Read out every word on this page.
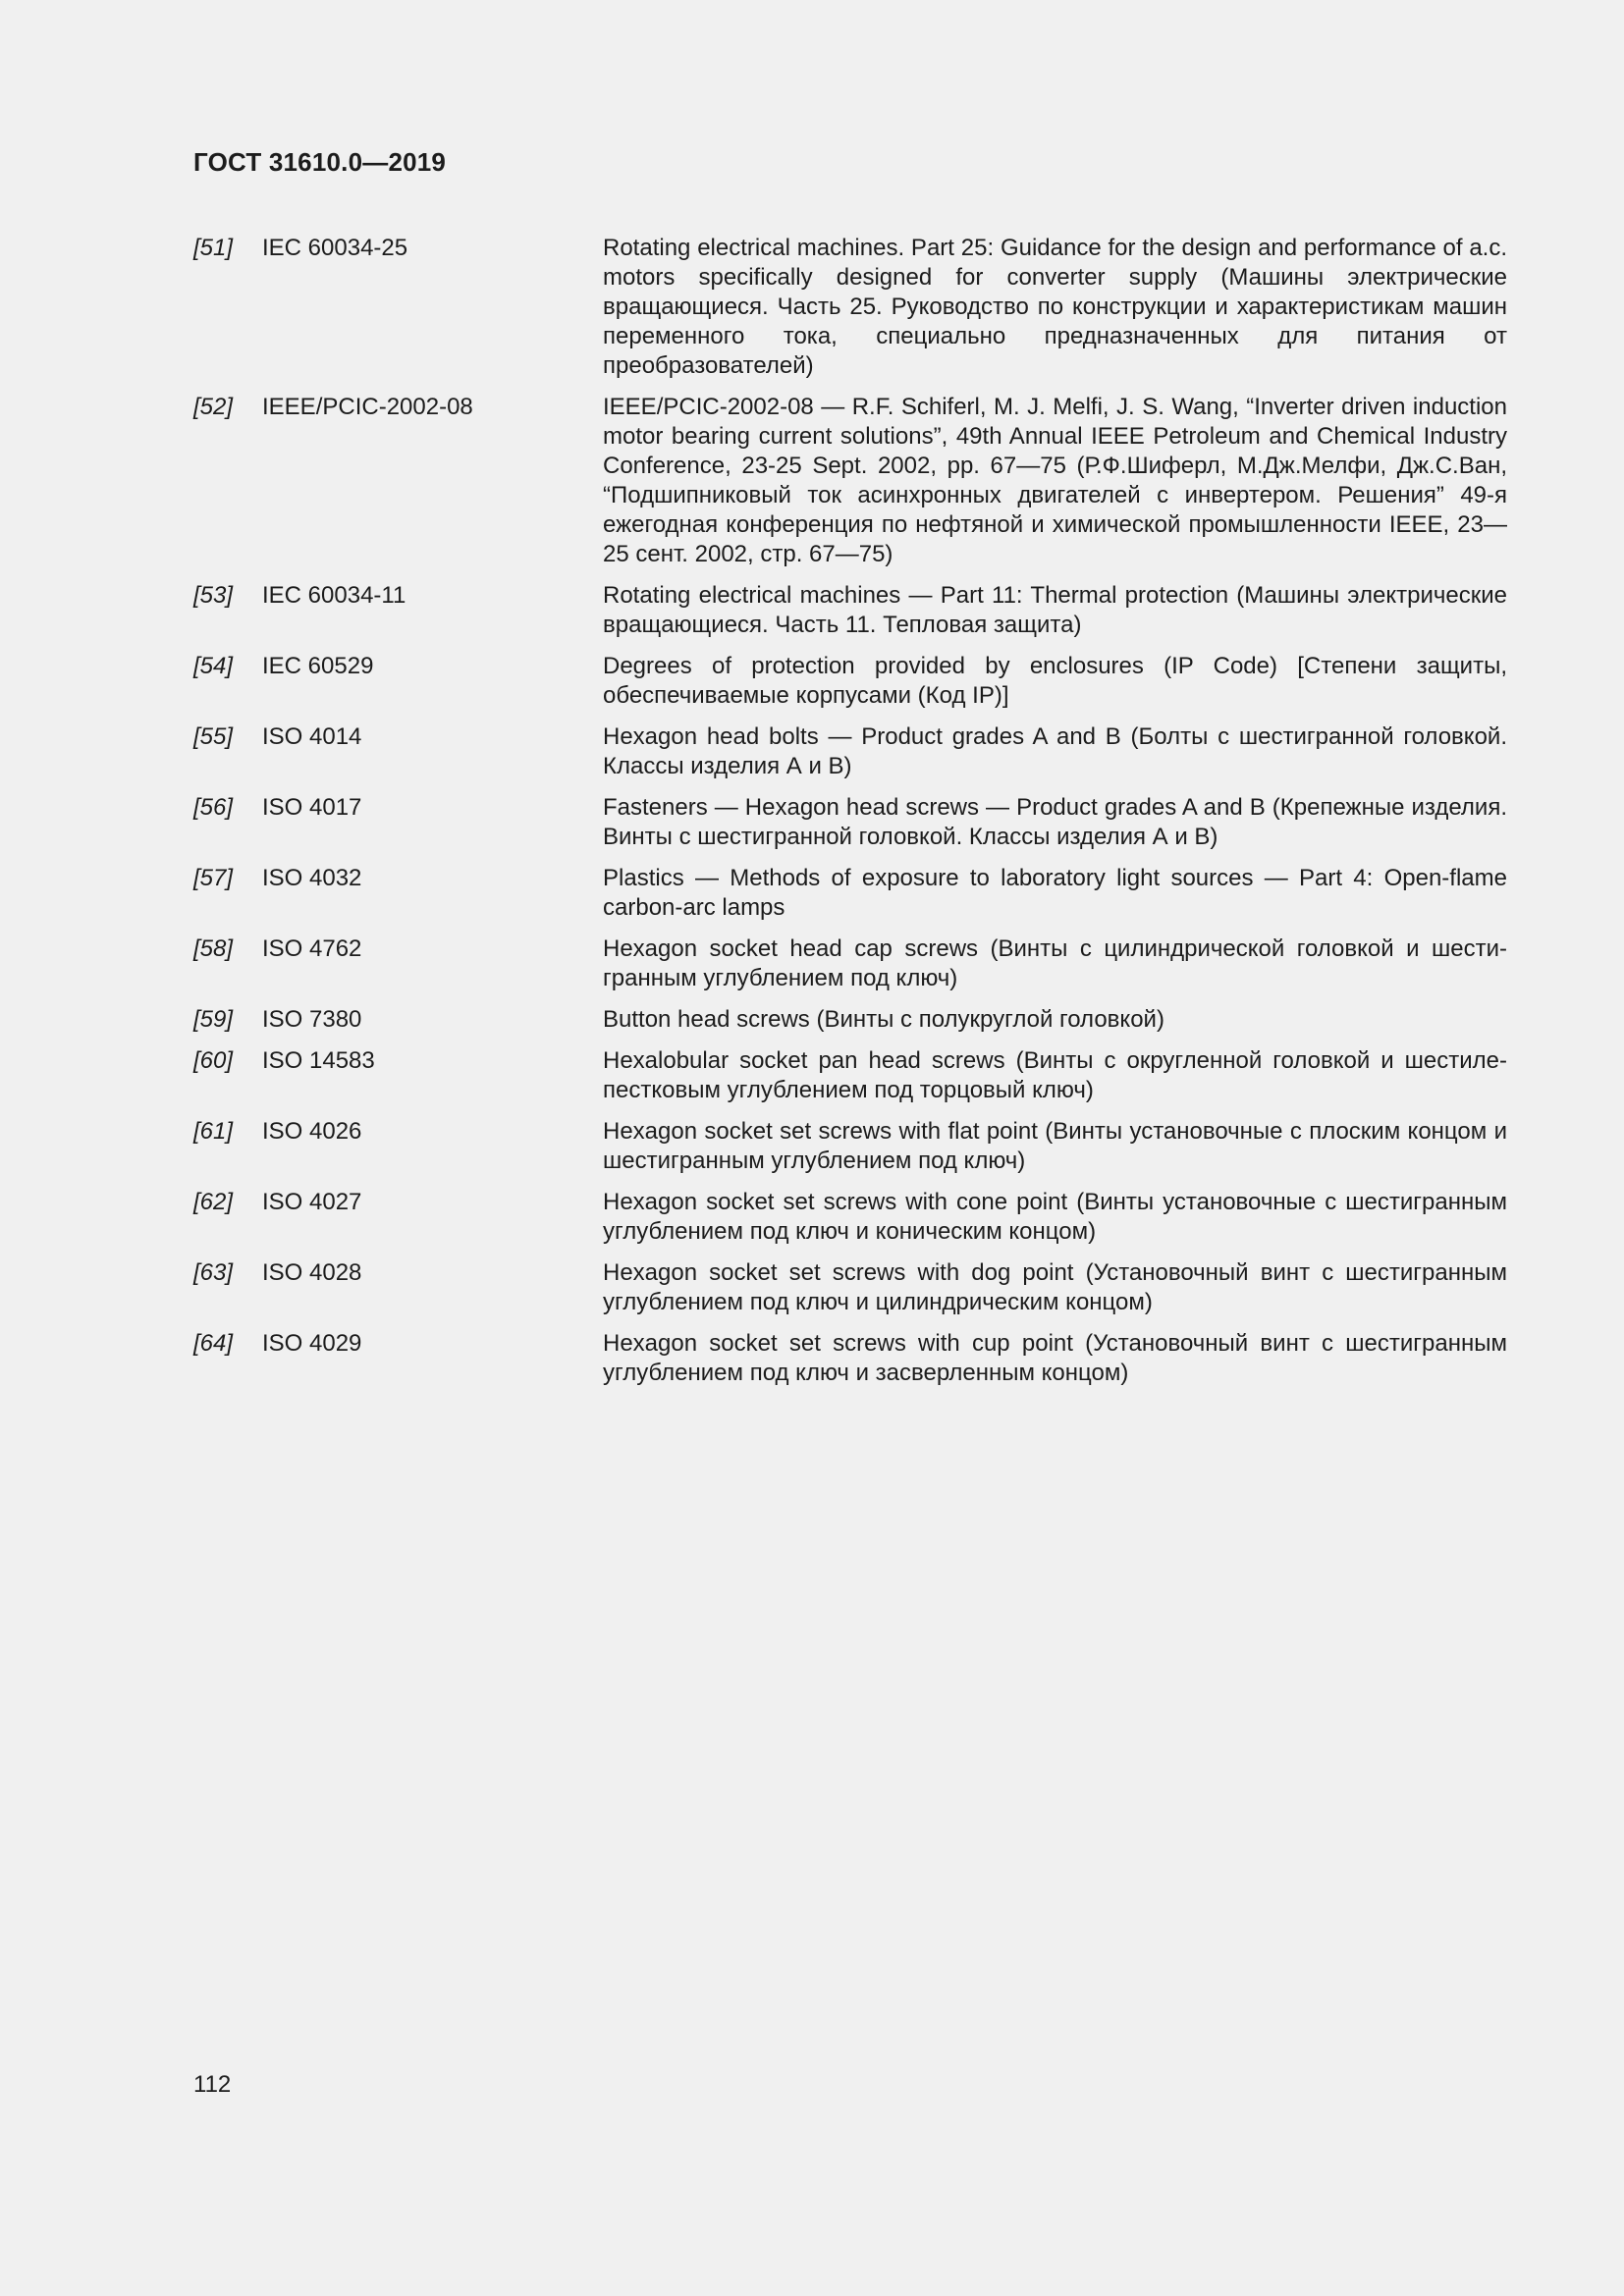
ГОСТ 31610.0—2019
[51]	IEC 60034-25	Rotating electrical machines. Part 25: Guidance for the design and performance of a.c. motors specifically designed for converter supply (Машины электрические вращающиеся. Часть 25. Руководство по конструкции и характеристикам машин переменного тока, специально предназначенных для питания от преобразователей)
[52]	IEEE/PCIC-2002-08	IEEE/PCIC-2002-08 — R.F. Schiferl, M. J. Melfi, J. S. Wang, “Inverter driven induction motor bearing current solutions”, 49th Annual IEEE Petroleum and Chemical Industry Conference, 23-25 Sept. 2002, pp. 67—75 (Р.Ф.Шиферл, М.Дж.Мелфи, Дж.С.Ван, “Подшипниковый ток асинхронных двигателей с инвертером. Решения” 49-я ежегодная конференция по нефтяной и химической промышленности IEEE, 23—25 сент. 2002, стр. 67—75)
[53]	IEC 60034-11	Rotating electrical machines — Part 11: Thermal protection (Машины электрические вращающиеся. Часть 11. Тепловая защита)
[54]	IEC 60529	Degrees of protection provided by enclosures (IP Code) [Степени защиты, обеспечиваемые корпусами (Код IP)]
[55]	ISO 4014	Hexagon head bolts — Product grades A and B (Болты с шестигранной головкой. Классы изделия А и В)
[56]	ISO 4017	Fasteners — Hexagon head screws — Product grades A and B (Крепежные изделия. Винты с шестигранной головкой. Классы изделия А и В)
[57]	ISO 4032	Plastics — Methods of exposure to laboratory light sources — Part 4: Open-flame carbon-arc lamps
[58]	ISO 4762	Hexagon socket head cap screws (Винты с цилиндрической головкой и шестигранным углублением под ключ)
[59]	ISO 7380	Button head screws (Винты с полукруглой головкой)
[60]	ISO 14583	Hexalobular socket pan head screws (Винты с округленной головкой и шестилепестковым углублением под торцовый ключ)
[61]	ISO 4026	Hexagon socket set screws with flat point (Винты установочные с плоским концом и шестигранным углублением под ключ)
[62]	ISO 4027	Hexagon socket set screws with cone point (Винты установочные с шестигранным углублением под ключ и коническим концом)
[63]	ISO 4028	Hexagon socket set screws with dog point (Установочный винт с шестигранным углублением под ключ и цилиндрическим концом)
[64]	ISO 4029	Hexagon socket set screws with cup point (Установочный винт с шестигранным углублением под ключ и засверленным концом)
112
